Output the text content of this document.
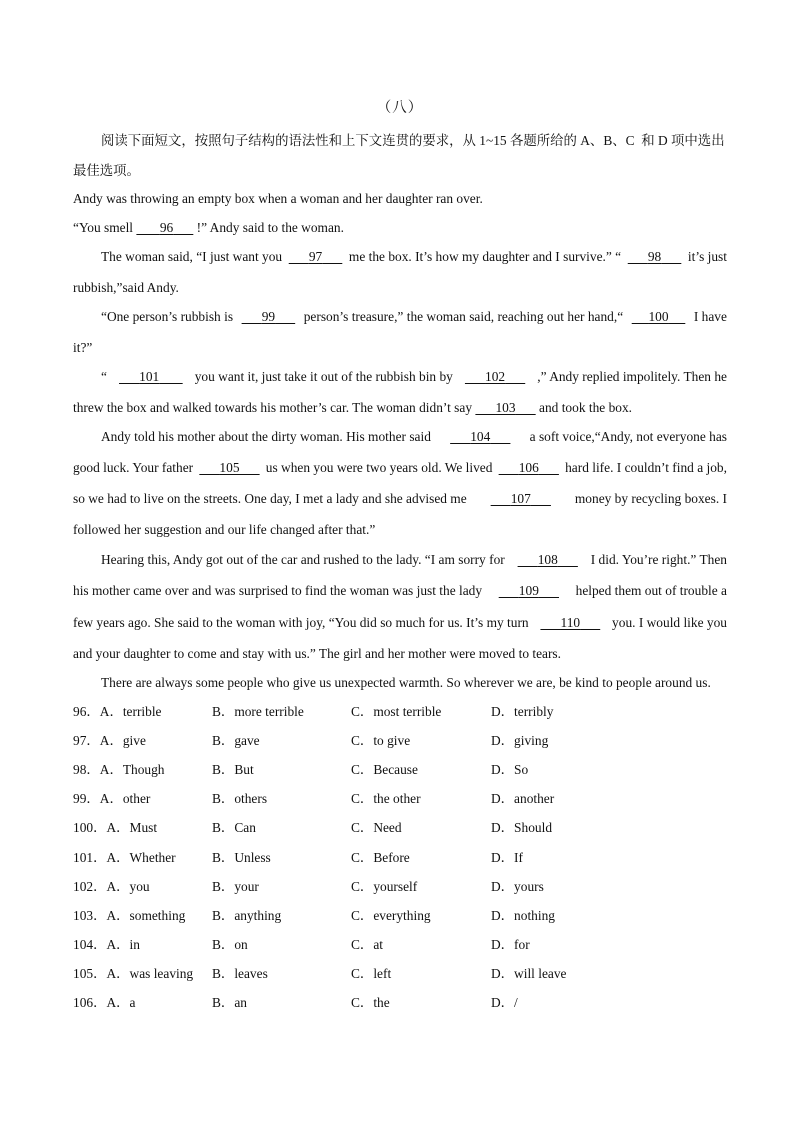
（八）
阅读下面短文，按照句子结构的语法性和上下文连贯的要求，从 1~15 各题所给的 A、B、C  和 D 项中选出
最佳选项。
Andy was throwing an empty box when a woman and her daughter ran over.
“You smell 96 !” Andy said to the woman.
The woman said, “I just want you	97	me the box. It’s how my daughter and I survive.” “	98	it’s just
rubbish,”said Andy.
“One person’s rubbish is	99	person’s treasure,” the woman said, reaching out her hand,“	100	I have
it?”
“	101	you want it, just take it out of the rubbish bin by	102	,” Andy replied impolitely. Then he
threw the box and walked towards his mother’s car. The woman didn’t say 103 and took the box.
Andy told his mother about the dirty woman. His mother said	104	a soft voice,“Andy, not everyone has
good luck. Your father	105	us when you were two years old. We lived	106	hard life. I couldn’t find a job,
so we had to live on the streets. One day, I met a lady and she advised me	107	money by recycling boxes. I
followed her suggestion and our life changed after that.”
Hearing this, Andy got out of the car and rushed to the lady. “I am sorry for	108	I did. You’re right.” Then
his mother came over and was surprised to find the woman was just the lady	109	helped them out of trouble a
few years ago. She said to the woman with joy, “You did so much for us. It’s my turn	110	you. I would like you
and your daughter to come and stay with us.” The girl and her mother were moved to tears.
There are always some people who give us unexpected warmth. So wherever we are, be kind to people around us.
96．A．terrible	B．more terrible	C．most terrible	D．terribly
97．A．give	B．gave	C．to give	D．giving
98．A．Though	B．But	C．Because	D．So
99．A．other	B．others	C．the other	D．another
100．A．Must	B．Can	C．Need	D．Should
101．A．Whether	B．Unless	C．Before	D．If
102．A．you	B．your	C．yourself	D．yours
103．A．something B．anything	C．everything	D．nothing
104．A．in	B．on	C．at	D．for
105．A．was leaving B．leaves	C．left	D．will leave
106．A．a	B．an	C．the	D．/
